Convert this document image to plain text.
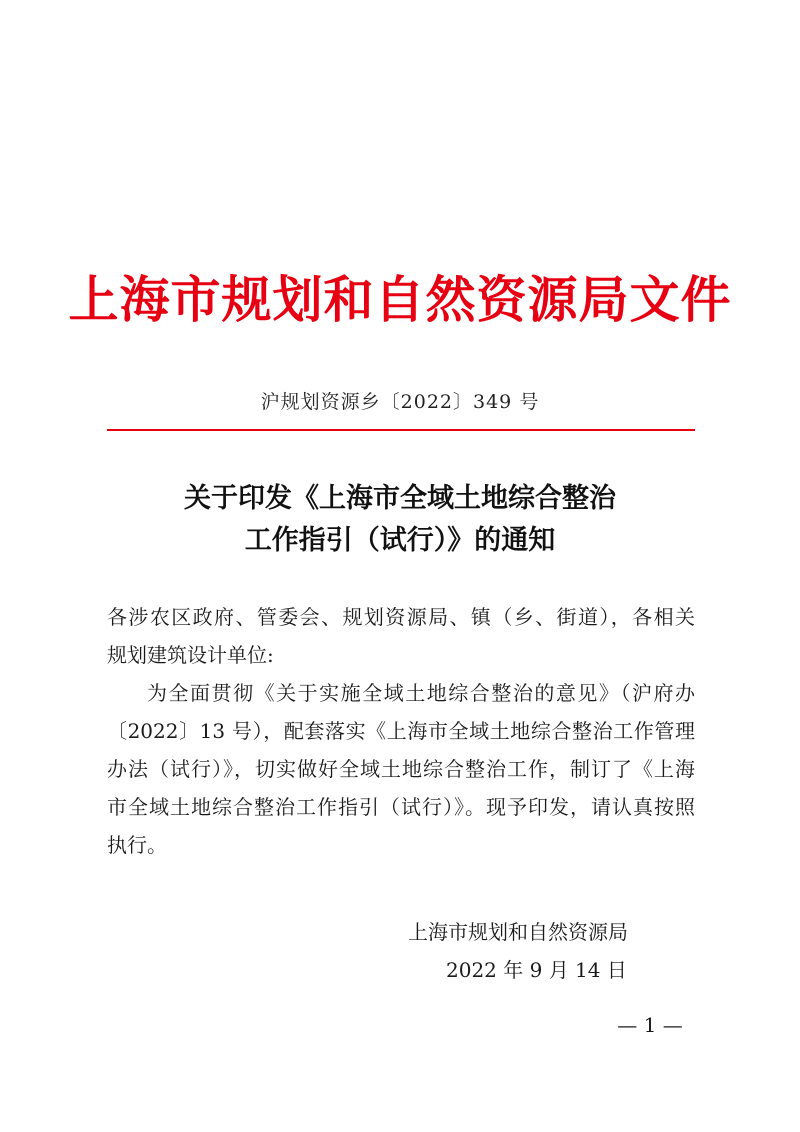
上海市规划和自然资源局文件
沪规划资源乡〔2022〕349 号
关于印发《上海市全域土地综合整治
工作指引（试行）》的通知
各涉农区政府、管委会、规划资源局、镇（乡、街道），各相关
规划建筑设计单位:
为全面贯彻《关于实施全域土地综合整治的意见》（沪府办
〔2022〕13 号），配套落实《上海市全域土地综合整治工作管理
办法（试行）》，切实做好全域土地综合整治工作，制订了《上海
市全域土地综合整治工作指引（试行）》。现予印发，请认真按照
执行。
上海市规划和自然资源局
2022 年 9 月 14 日
— 1 —
